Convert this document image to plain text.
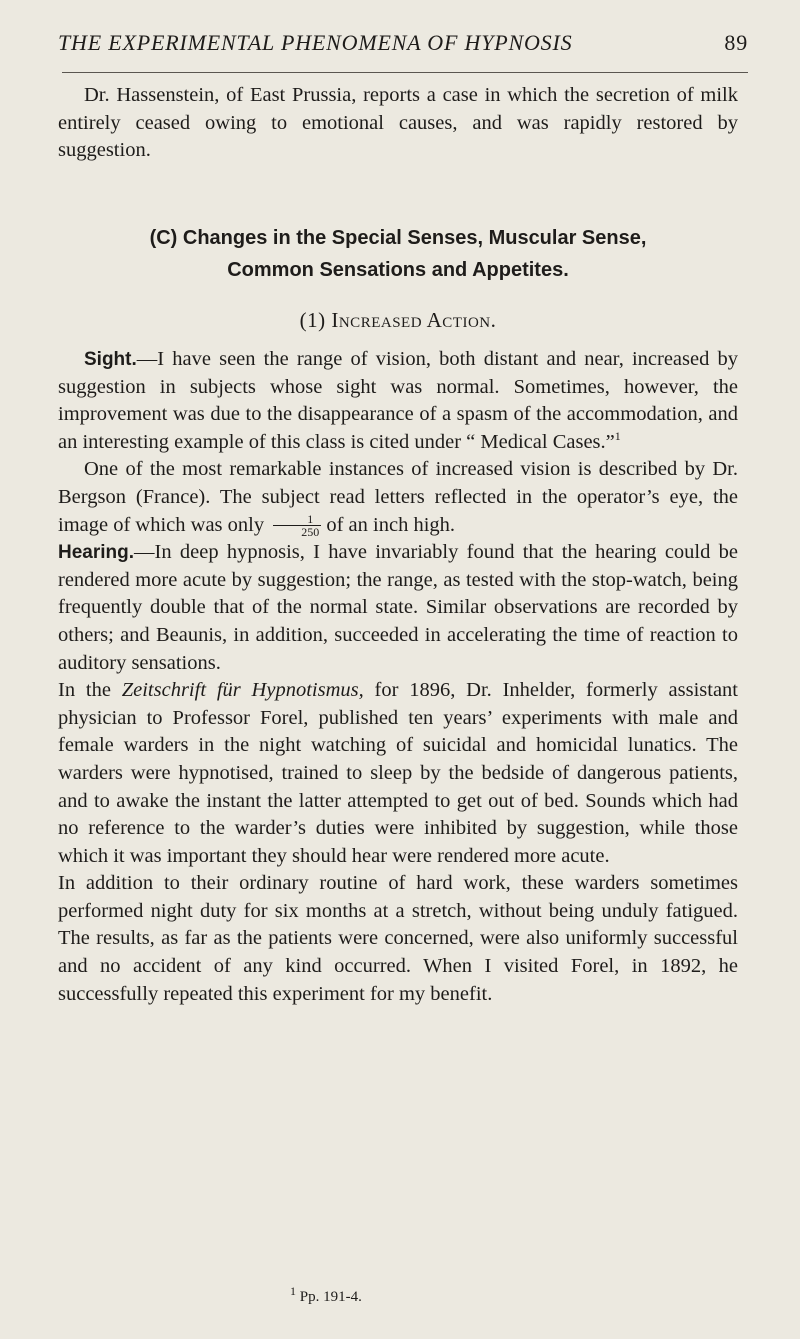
THE EXPERIMENTAL PHENOMENA OF HYPNOSIS	89

Dr. Hassenstein, of East Prussia, reports a case in which the secretion of milk entirely ceased owing to emotional causes, and was rapidly restored by suggestion.

(C) Changes in the Special Senses, Muscular Sense,
Common Sensations and Appetites.
(1) Increased Action.

Sight.—I have seen the range of vision, both distant and near, increased by suggestion in subjects whose sight was normal. Sometimes, however, the improvement was due to the disappearance of a spasm of the accommodation, and an interesting example of this class is cited under “ Medical Cases.”$^1$

One of the most remarkable instances of increased vision is described by Dr. Bergson (France). The subject read letters reflected in the operator’s eye, the image of which was only $\frac{1}{250}$ of an inch high.

Hearing.—In deep hypnosis, I have invariably found that the hearing could be rendered more acute by suggestion; the range, as tested with the stop-watch, being frequently double that of the normal state. Similar observations are recorded by others; and Beaunis, in addition, succeeded in accelerating the time of reaction to auditory sensations.

In the Zeitschrift für Hypnotismus, for 1896, Dr. Inhelder, formerly assistant physician to Professor Forel, published ten years’ experiments with male and female warders in the night watching of suicidal and homicidal lunatics. The warders were hypnotised, trained to sleep by the bedside of dangerous patients, and to awake the instant the latter attempted to get out of bed. Sounds which had no reference to the warder’s duties were inhibited by suggestion, while those which it was important they should hear were rendered more acute.

In addition to their ordinary routine of hard work, these warders sometimes performed night duty for six months at a stretch, without being unduly fatigued. The results, as far as the patients were concerned, were also uniformly successful and no accident of any kind occurred. When I visited Forel, in 1892, he successfully repeated this experiment for my benefit.

$^1$ Pp. 191-4.
